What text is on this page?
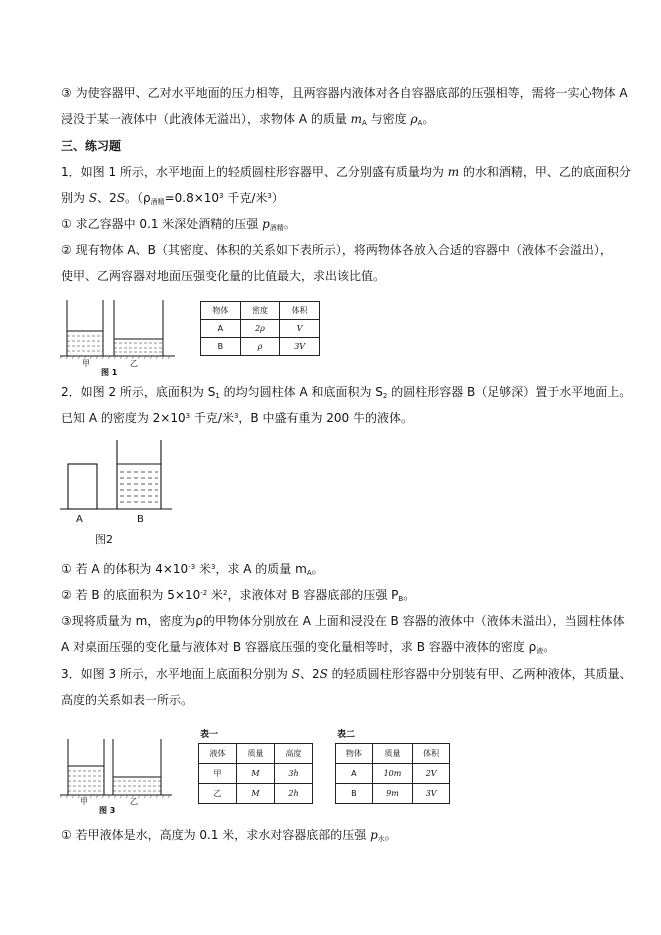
③ 为使容器甲、乙对水平地面的压力相等，且两容器内液体对各自容器底部的压强相等，需将一实心物体 A
浸没于某一液体中（此液体无溢出），求物体 A 的质量 $m_A$ 与密度 $\rho_A$。
三、练习题
1．如图 1 所示，水平地面上的轻质圆柱形容器甲、乙分别盛有质量均为 m 的水和酒精，甲、乙的底面积分
别为 S、2S。（$\rho_{酒精}=0.8\times 10^3$ 千克/米$^3$）
① 求乙容器中 0.1 米深处酒精的压强 $p_{酒精}$。
② 现有物体 A、B（其密度、体积的关系如下表所示），将两物体各放入合适的容器中（液体不会溢出），
使甲、乙两容器对地面压强变化量的比值最大，求出该比值。
甲	乙
图 1
物体	密度	体积
A	2ρ	V
B	ρ	3V
2．如图 2 所示，底面积为 $S_1$ 的均匀圆柱体 A 和底面积为 $S_2$ 的圆柱形容器 B（足够深）置于水平地面上。
已知 A 的密度为 $2\times 10^3$ 千克/米$^3$，B 中盛有重为 200 牛的液体。
A	B
图2
① 若 A 的体积为 $4\times 10^{-3}$ 米$^3$，求 A 的质量 $m_A$。
② 若 B 的底面积为 $5\times 10^{-2}$ 米$^2$，求液体对 B 容器底部的压强 $P_B$。
③现将质量为 m，密度为ρ的甲物体分别放在 A 上面和浸没在 B 容器的液体中（液体未溢出），当圆柱体体
A 对桌面压强的变化量与液体对 B 容器底压强的变化量相等时，求 B 容器中液体的密度 $\rho_液$。
3．如图 3 所示，水平地面上底面积分别为 S、2S 的轻质圆柱形容器中分别装有甲、乙两种液体，其质量、
高度的关系如表一所示。
甲	乙
图 3
表一
液体	质量	高度
甲	M	3h
乙	M	2h
表二
物体	质量	体积
A	10m	2V
B	9m	3V
① 若甲液体是水，高度为 0.1 米，求水对容器底部的压强 $p_水$。
